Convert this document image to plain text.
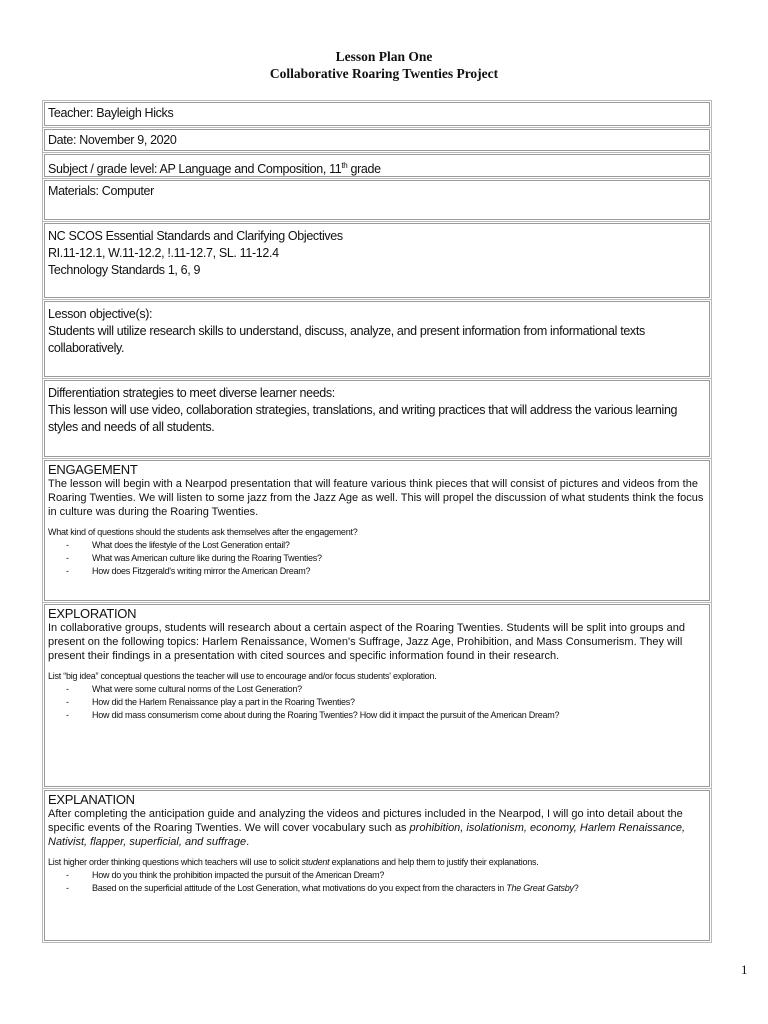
Lesson Plan One
Collaborative Roaring Twenties Project
Teacher: Bayleigh Hicks
Date: November 9, 2020
Subject / grade level: AP Language and Composition, 11th grade
Materials: Computer
NC SCOS Essential Standards and Clarifying Objectives
RI.11-12.1, W.11-12.2, !.11-12.7, SL. 11-12.4
Technology Standards 1, 6, 9
Lesson objective(s):
Students will utilize research skills to understand, discuss, analyze, and present information from informational texts collaboratively.
Differentiation strategies to meet diverse learner needs:
This lesson will use video, collaboration strategies, translations, and writing practices that will address the various learning styles and needs of all students.
ENGAGEMENT
The lesson will begin with a Nearpod presentation that will feature various think pieces that will consist of pictures and videos from the Roaring Twenties. We will listen to some jazz from the Jazz Age as well. This will propel the discussion of what students think the focus in culture was during the Roaring Twenties.
What kind of questions should the students ask themselves after the engagement?
- What does the lifestyle of the Lost Generation entail?
- What was American culture like during the Roaring Twenties?
- How does Fitzgerald's writing mirror the American Dream?
EXPLORATION
In collaborative groups, students will research about a certain aspect of the Roaring Twenties. Students will be split into groups and present on the following topics: Harlem Renaissance, Women's Suffrage, Jazz Age, Prohibition, and Mass Consumerism. They will present their findings in a presentation with cited sources and specific information found in their research.
List “big idea” conceptual questions the teacher will use to encourage and/or focus students' exploration.
- What were some cultural norms of the Lost Generation?
- How did the Harlem Renaissance play a part in the Roaring Twenties?
- How did mass consumerism come about during the Roaring Twenties? How did it impact the pursuit of the American Dream?
EXPLANATION
After completing the anticipation guide and analyzing the videos and pictures included in the Nearpod, I will go into detail about the specific events of the Roaring Twenties. We will cover vocabulary such as prohibition, isolationism, economy, Harlem Renaissance, Nativist, flapper, superficial, and suffrage.
List higher order thinking questions which teachers will use to solicit student explanations and help them to justify their explanations.
- How do you think the prohibition impacted the pursuit of the American Dream?
- Based on the superficial attitude of the Lost Generation, what motivations do you expect from the characters in The Great Gatsby?
1
